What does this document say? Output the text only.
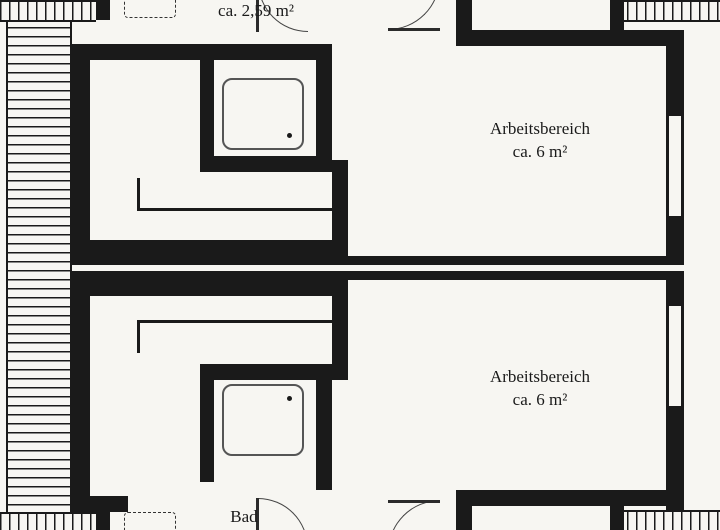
ca. 2,59 m²
Arbeitsbereich
ca. 6 m²
Arbeitsbereich
ca. 6 m²
Bad
